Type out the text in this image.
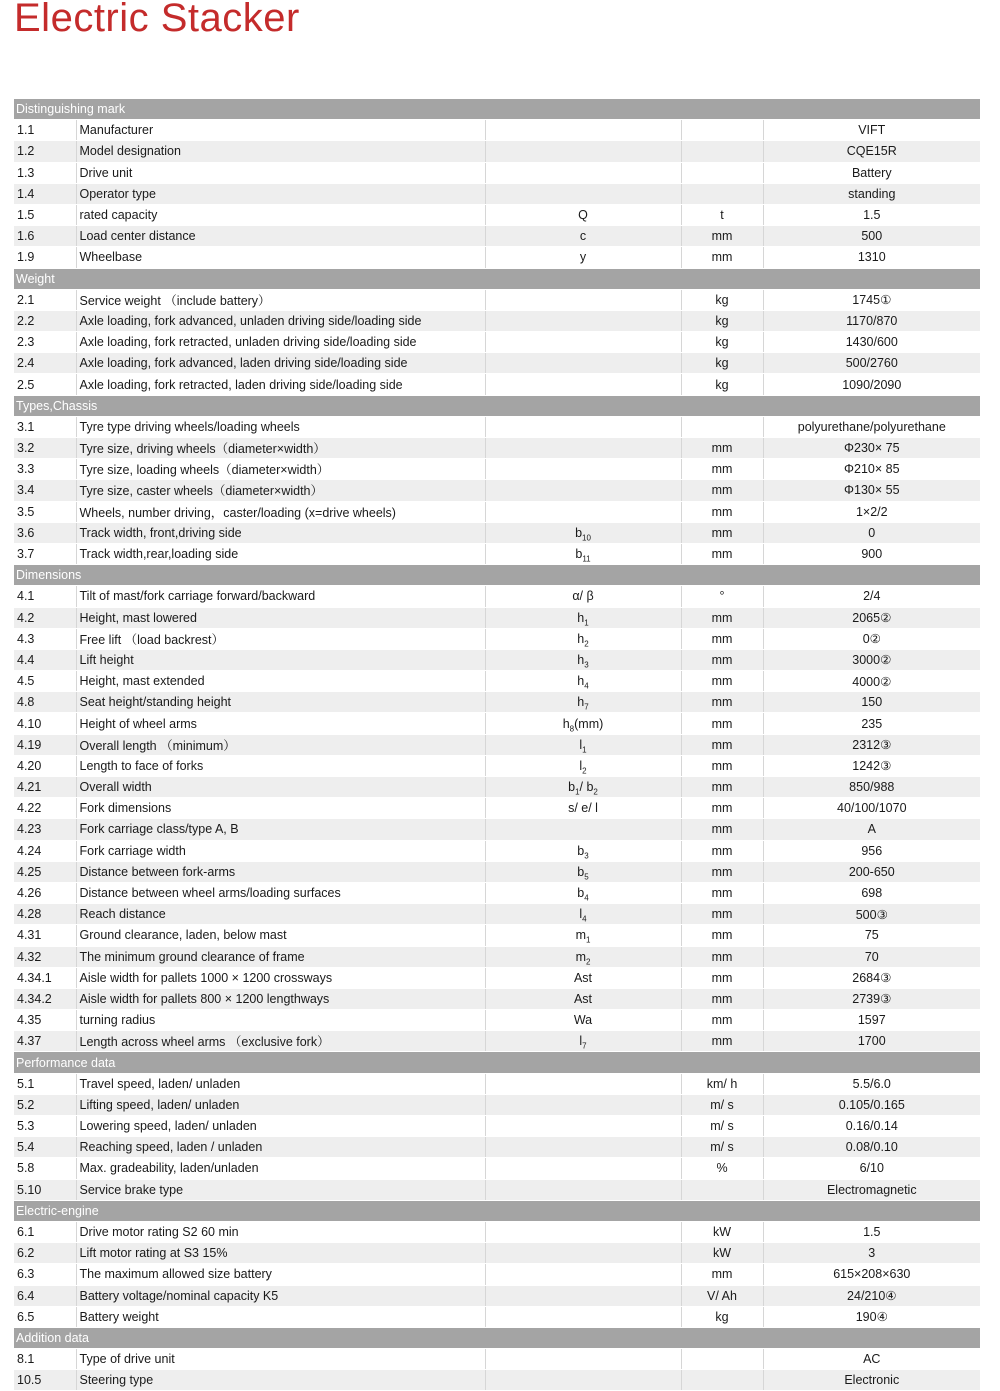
Electric Stacker
Distinguishing mark				
1.1	Manufacturer			VIFT
1.2	Model designation			CQE15R
1.3	Drive unit			Battery
1.4	Operator type			standing
1.5	rated capacity	Q	t	1.5
1.6	Load center distance	c	mm	500
1.9	Wheelbase	y	mm	1310
Weight				
2.1	Service weight （include battery）		kg	1745①
2.2	Axle loading, fork advanced, unladen driving side/loading side		kg	1170/870
2.3	Axle loading, fork retracted, unladen driving side/loading side		kg	1430/600
2.4	Axle loading, fork advanced, laden driving side/loading side		kg	500/2760
2.5	Axle loading, fork retracted, laden driving side/loading side		kg	1090/2090
Types,Chassis				
3.1	Tyre type driving wheels/loading wheels			polyurethane/polyurethane
3.2	Tyre size, driving wheels（diameter×width）		mm	Φ230× 75
3.3	Tyre size, loading wheels（diameter×width）		mm	Φ210× 85
3.4	Tyre size, caster wheels（diameter×width）		mm	Φ130× 55
3.5	Wheels, number driving，caster/loading (x=drive wheels)		mm	1×2/2
3.6	Track width, front,driving side	$b_{10}$	mm	0
3.7	Track width,rear,loading side	$b_{11}$	mm	900
Dimensions				
4.1	Tilt of mast/fork carriage forward/backward	α/ β	°	2/4
4.2	Height, mast lowered	$h_1$	mm	2065②
4.3	Free lift （load backrest）	$h_2$	mm	0②
4.4	Lift height	$h_3$	mm	3000②
4.5	Height, mast extended	$h_4$	mm	4000②
4.8	Seat height/standing height	$h_7$	mm	150
4.10	Height of wheel arms	$h_8(mm)$	mm	235
4.19	Overall length （minimum）	$l_1$	mm	2312③
4.20	Length to face of forks	$l_2$	mm	1242③
4.21	Overall width	$b_1/$ $b_2$	mm	850/988
4.22	Fork dimensions	s/ e/ l	mm	40/100/1070
4.23	Fork carriage class/type A, B		mm	A
4.24	Fork carriage width	$b_3$	mm	956
4.25	Distance between fork-arms	$b_5$	mm	200-650
4.26	Distance between wheel arms/loading surfaces	$b_4$	mm	698
4.28	Reach distance	$l_4$	mm	500③
4.31	Ground clearance, laden, below mast	$m_1$	mm	75
4.32	The minimum ground clearance of frame	$m_2$	mm	70
4.34.1	Aisle width for pallets 1000 × 1200 crossways	Ast	mm	2684③
4.34.2	Aisle width for pallets 800 × 1200 lengthways	Ast	mm	2739③
4.35	turning radius	Wa	mm	1597
4.37	Length across wheel arms （exclusive fork）	$l_7$	mm	1700
Performance data				
5.1	Travel speed, laden/ unladen		km/ h	5.5/6.0
5.2	Lifting speed, laden/ unladen		m/ s	0.105/0.165
5.3	Lowering speed, laden/ unladen		m/ s	0.16/0.14
5.4	Reaching speed, laden / unladen		m/ s	0.08/0.10
5.8	Max. gradeability, laden/unladen		%	6/10
5.10	Service brake type			Electromagnetic
Electric-engine				
6.1	Drive motor rating S2 60 min		kW	1.5
6.2	Lift motor rating at S3 15%		kW	3
6.3	The maximum allowed size battery		mm	615×208×630
6.4	Battery voltage/nominal capacity K5		V/ Ah	24/210④
6.5	Battery weight		kg	190④
Addition data				
8.1	Type of drive unit			AC
10.5	Steering type			Electronic
